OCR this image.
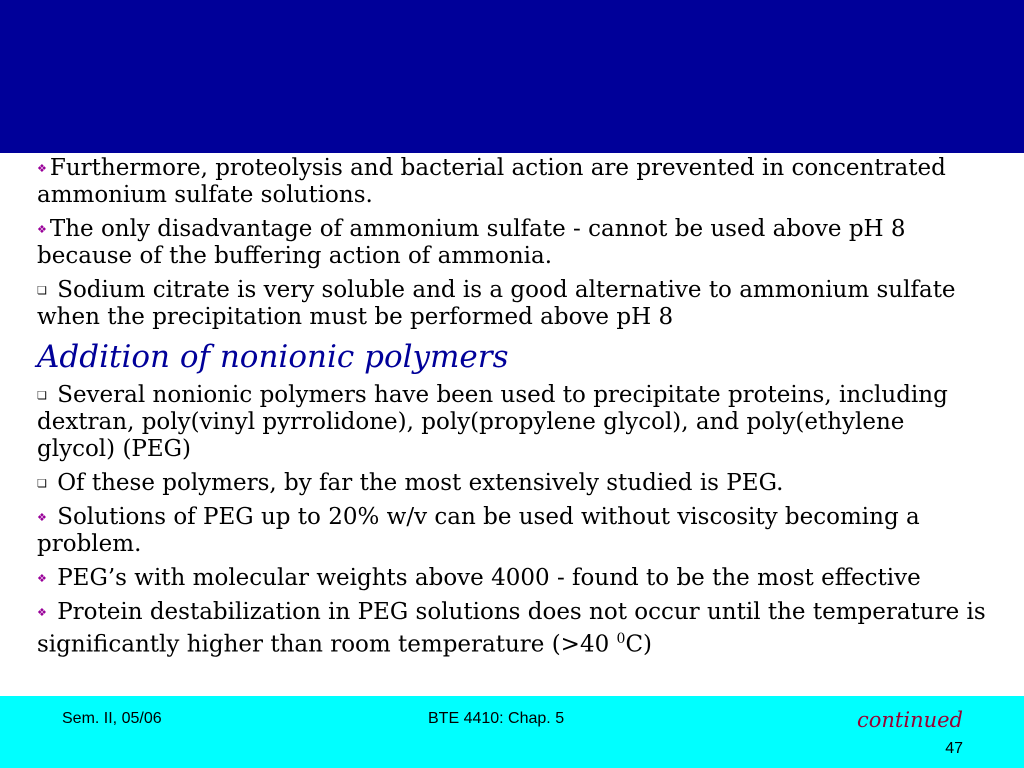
❖ Furthermore, proteolysis and bacterial action are prevented in concentrated ammonium sulfate solutions.

❖ The only disadvantage of ammonium sulfate - cannot be used above pH 8 because of the buffering action of ammonia.

❏ Sodium citrate is very soluble and is a good alternative to ammonium sulfate when the precipitation must be performed above pH 8

Addition of nonionic polymers

❏ Several nonionic polymers have been used to precipitate proteins, including dextran, poly(vinyl pyrrolidone), poly(propylene glycol), and poly(ethylene glycol) (PEG)

❏ Of these polymers, by far the most extensively studied is PEG.

❖ Solutions of PEG up to 20% w/v can be used without viscosity becoming a problem.

❖ PEG’s with molecular weights above 4000 - found to be the most effective

❖ Protein destabilization in PEG solutions does not occur until the temperature is significantly higher than room temperature (>40 $^0$C)

Sem. II, 05/06	BTE 4410: Chap. 5	continued
47
